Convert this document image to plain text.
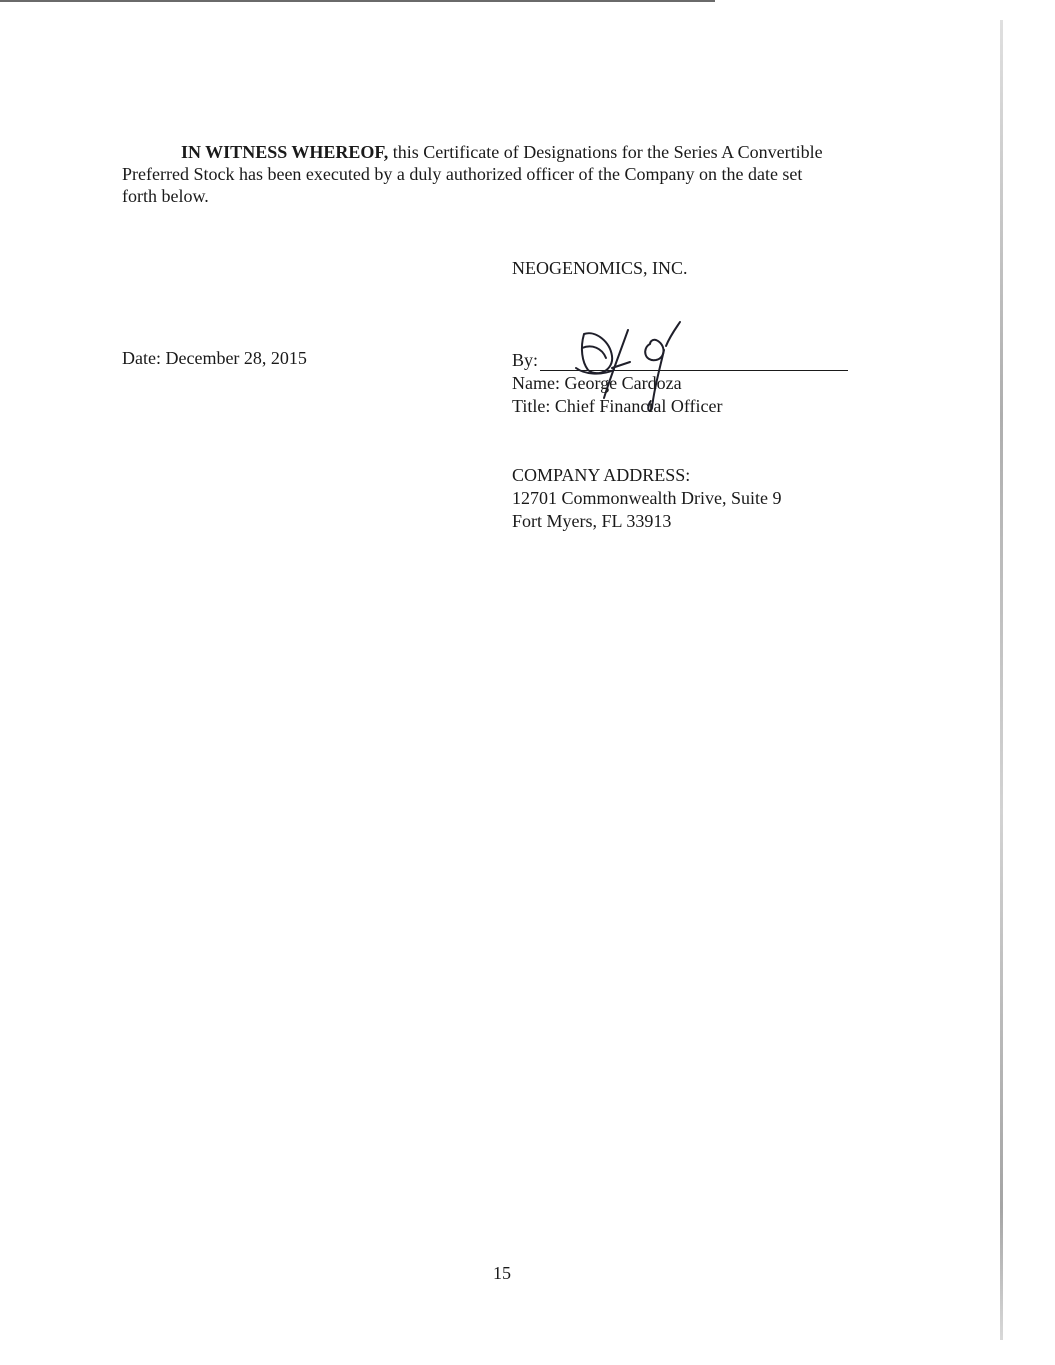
IN WITNESS WHEREOF, this Certificate of Designations for the Series A Convertible
Preferred Stock has been executed by a duly authorized officer of the Company on the date set
forth below.
NEOGENOMICS, INC.
Date: December 28, 2015	By:
Name: George Cardoza
Title: Chief Financial Officer
COMPANY ADDRESS:
12701 Commonwealth Drive, Suite 9
Fort Myers, FL 33913
15
